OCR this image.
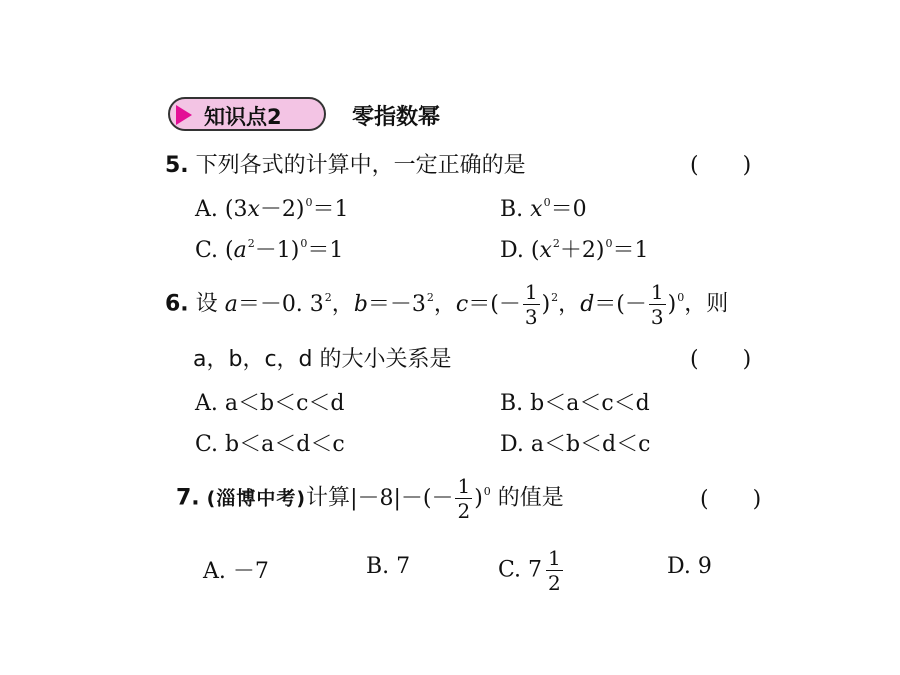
知识点2	零指数幂
5. 下列各式的计算中，一定正确的是	(　　)
A. $(3x-2)^0=1$	B. $x^0=0$
C. $(a^2-1)^0=1$	D. $(x^2+2)^0=1$
6. 设 a＝－0. $3^2$，$b=-3^2$，$c=(- \frac{1}{3} )^2$，$d=(- \frac{1}{3} )^0$，则
a，b，c，d 的大小关系是	(　　)
A. a＜b＜c＜d	B. b＜a＜c＜d
C. b＜a＜d＜c	D. a＜b＜d＜c
7. (淄博中考)计算$|-8|-(- \frac{1}{2} )^0$ 的值是	(　　)
A. －7	B. 7	C. $7 \frac{1}{2}$	D. 9
